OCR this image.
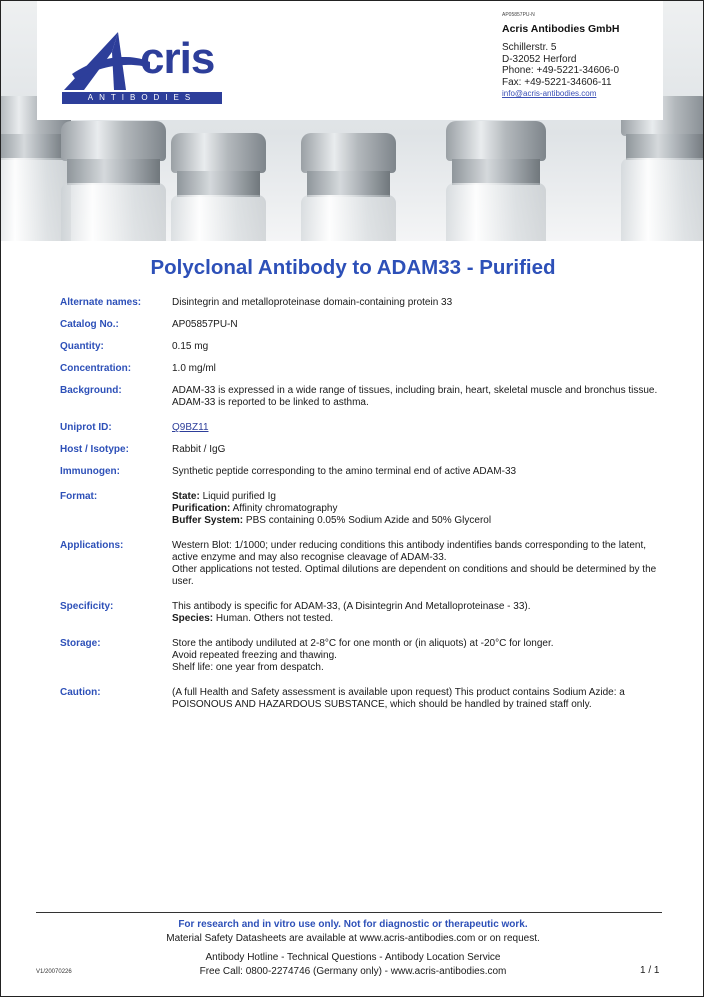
cris
ANTIBODIES
AP05857PU-N
Acris Antibodies GmbH
Schillerstr. 5
D-32052 Herford
Phone: +49-5221-34606-0
Fax: +49-5221-34606-11
info@acris-antibodies.com
Polyclonal Antibody to ADAM33 - Purified
Alternate names:	Disintegrin and metalloproteinase domain-containing protein 33
Catalog No.:	AP05857PU-N
Quantity:	0.15 mg
Concentration:	1.0 mg/ml
Background:	ADAM-33 is expressed in a wide range of tissues, including brain, heart, skeletal muscle and bronchus tissue. ADAM-33 is reported to be linked to asthma.
Uniprot ID:	Q9BZ11
Host / Isotype:	Rabbit / IgG
Immunogen:	Synthetic peptide corresponding to the amino terminal end of active ADAM-33
Format:	State: Liquid purified Ig
Purification: Affinity chromatography
Buffer System: PBS containing 0.05% Sodium Azide and 50% Glycerol
Applications:	Western Blot: 1/1000; under reducing conditions this antibody indentifies bands corresponding to the latent, active enzyme and may also recognise cleavage of ADAM-33.
Other applications not tested. Optimal dilutions are dependent on conditions and should be determined by the user.
Specificity:	This antibody is specific for ADAM-33, (A Disintegrin And Metalloproteinase - 33).
Species: Human. Others not tested.
Storage:	Store the antibody undiluted at 2-8°C for one month or (in aliquots) at -20°C for longer.
Avoid repeated freezing and thawing.
Shelf life: one year from despatch.
Caution:	(A full Health and Safety assessment is available upon request) This product contains Sodium Azide: a POISONOUS AND HAZARDOUS SUBSTANCE, which should be handled by trained staff only.
For research and in vitro use only. Not for diagnostic or therapeutic work.
Material Safety Datasheets are available at www.acris-antibodies.com or on request.
Antibody Hotline - Technical Questions - Antibody Location Service
Free Call: 0800-2274746 (Germany only) - www.acris-antibodies.com
V1/20070226	1 / 1
